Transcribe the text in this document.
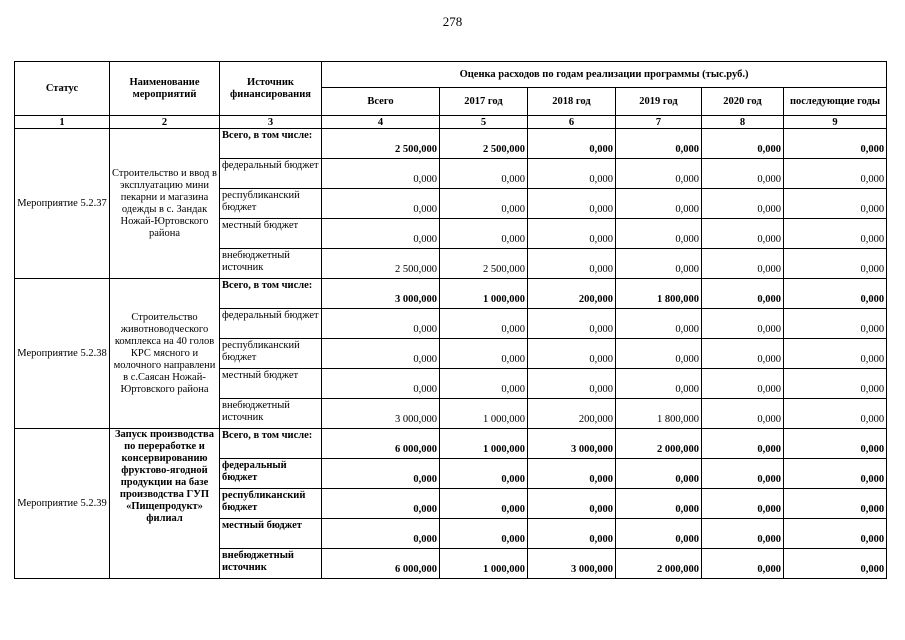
278
Статус	Наименование мероприятий	Источник финансирования	Оценка расходов по годам реализации программы (тыс.руб.)					
			Всего	2017 год	2018 год	2019 год	2020 год	последующие годы
1	2	3	4	5	6	7	8	9
Мероприятие 5.2.37	Строительство и ввод в эксплуатацию мини пекарни и магазина одежды в с. Зандак Ножай-Юртовского района	Всего, в том числе:	2 500,000	2 500,000	0,000	0,000	0,000	0,000
		федеральный бюджет	0,000	0,000	0,000	0,000	0,000	0,000
		республиканский бюджет	0,000	0,000	0,000	0,000	0,000	0,000
		местный бюджет	0,000	0,000	0,000	0,000	0,000	0,000
		внебюджетный источник	2 500,000	2 500,000	0,000	0,000	0,000	0,000
Мероприятие 5.2.38	Строительство животноводческого комплекса на 40 голов КРС мясного и молочного направлени в с.Саясан Ножай-Юртовского района	Всего, в том числе:	3 000,000	1 000,000	200,000	1 800,000	0,000	0,000
		федеральный бюджет	0,000	0,000	0,000	0,000	0,000	0,000
		республиканский бюджет	0,000	0,000	0,000	0,000	0,000	0,000
		местный бюджет	0,000	0,000	0,000	0,000	0,000	0,000
		внебюджетный источник	3 000,000	1 000,000	200,000	1 800,000	0,000	0,000
Мероприятие 5.2.39	Запуск производства по переработке и консервированию фруктово-ягодной продукции на базе производства ГУП «Пищепродукт» филиал	Всего, в том числе:	6 000,000	1 000,000	3 000,000	2 000,000	0,000	0,000
		федеральный бюджет	0,000	0,000	0,000	0,000	0,000	0,000
		республиканский бюджет	0,000	0,000	0,000	0,000	0,000	0,000
		местный бюджет	0,000	0,000	0,000	0,000	0,000	0,000
		внебюджетный источник	6 000,000	1 000,000	3 000,000	2 000,000	0,000	0,000
